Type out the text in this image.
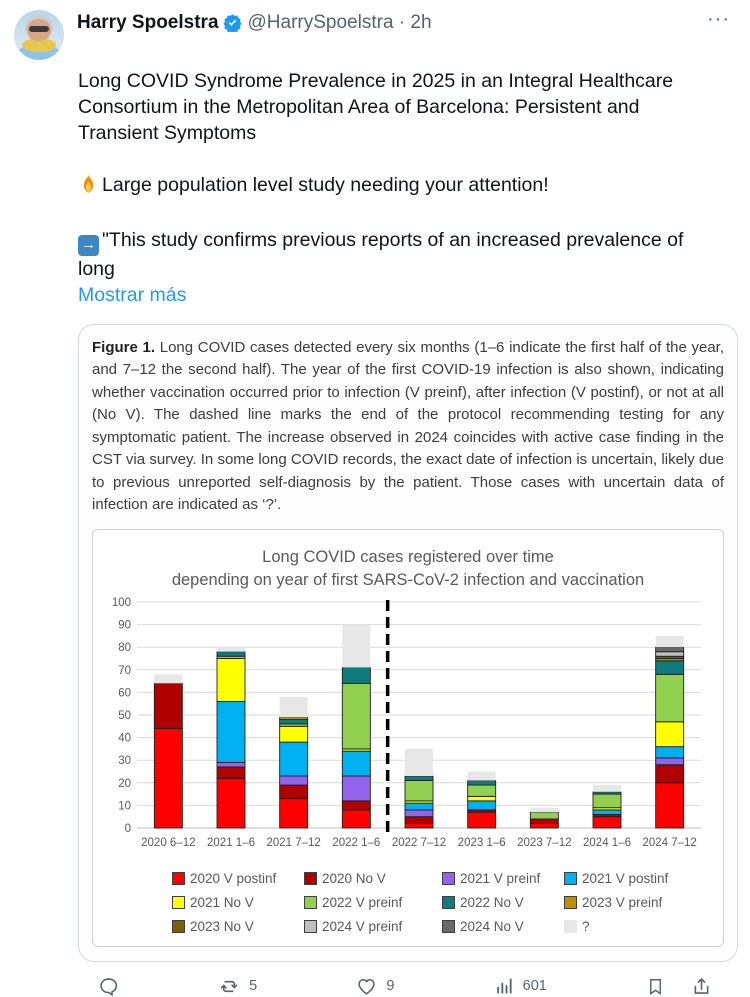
Harry Spoelstra @HarrySpoelstra · 2h	···

Long COVID Syndrome Prevalence in 2025 in an Integral Healthcare Consortium in the Metropolitan Area of Barcelona: Persistent and Transient Symptoms

Large population level study needing your attention!

→ "This study confirms previous reports of an increased prevalence of long

Mostrar más

Figure 1. Long COVID cases detected every six months (1–6 indicate the first half of the year, and 7–12 the second half). The year of the first COVID-19 infection is also shown, indicating whether vaccination occurred prior to infection (V preinf), after infection (V postinf), or not at all (No V). The dashed line marks the end of the protocol recommending testing for any symptomatic patient. The increase observed in 2024 coincides with active case finding in the CST via survey. In some long COVID records, the exact date of infection is uncertain, likely due to previous unreported self-diagnosis by the patient. Those cases with uncertain data of infection are indicated as ‘?’.

Long COVID cases registered over time
depending on year of first SARS-CoV-2 infection and vaccination
0
10
20
30
40
50
60
70
80
90
100
2020 6–12 2021 1–6 2021 7–12 2022 1–6 2022 7–12 2023 1–6 2023 7–12 2024 1–6 2024 7–12
2020 V postinf	2020 No V	2021 V preinf	2021 V postinf
2021 No V	2022 V preinf	2022 No V	2023 V preinf
2023 No V	2024 V preinf	2024 No V	?
5	9	601
